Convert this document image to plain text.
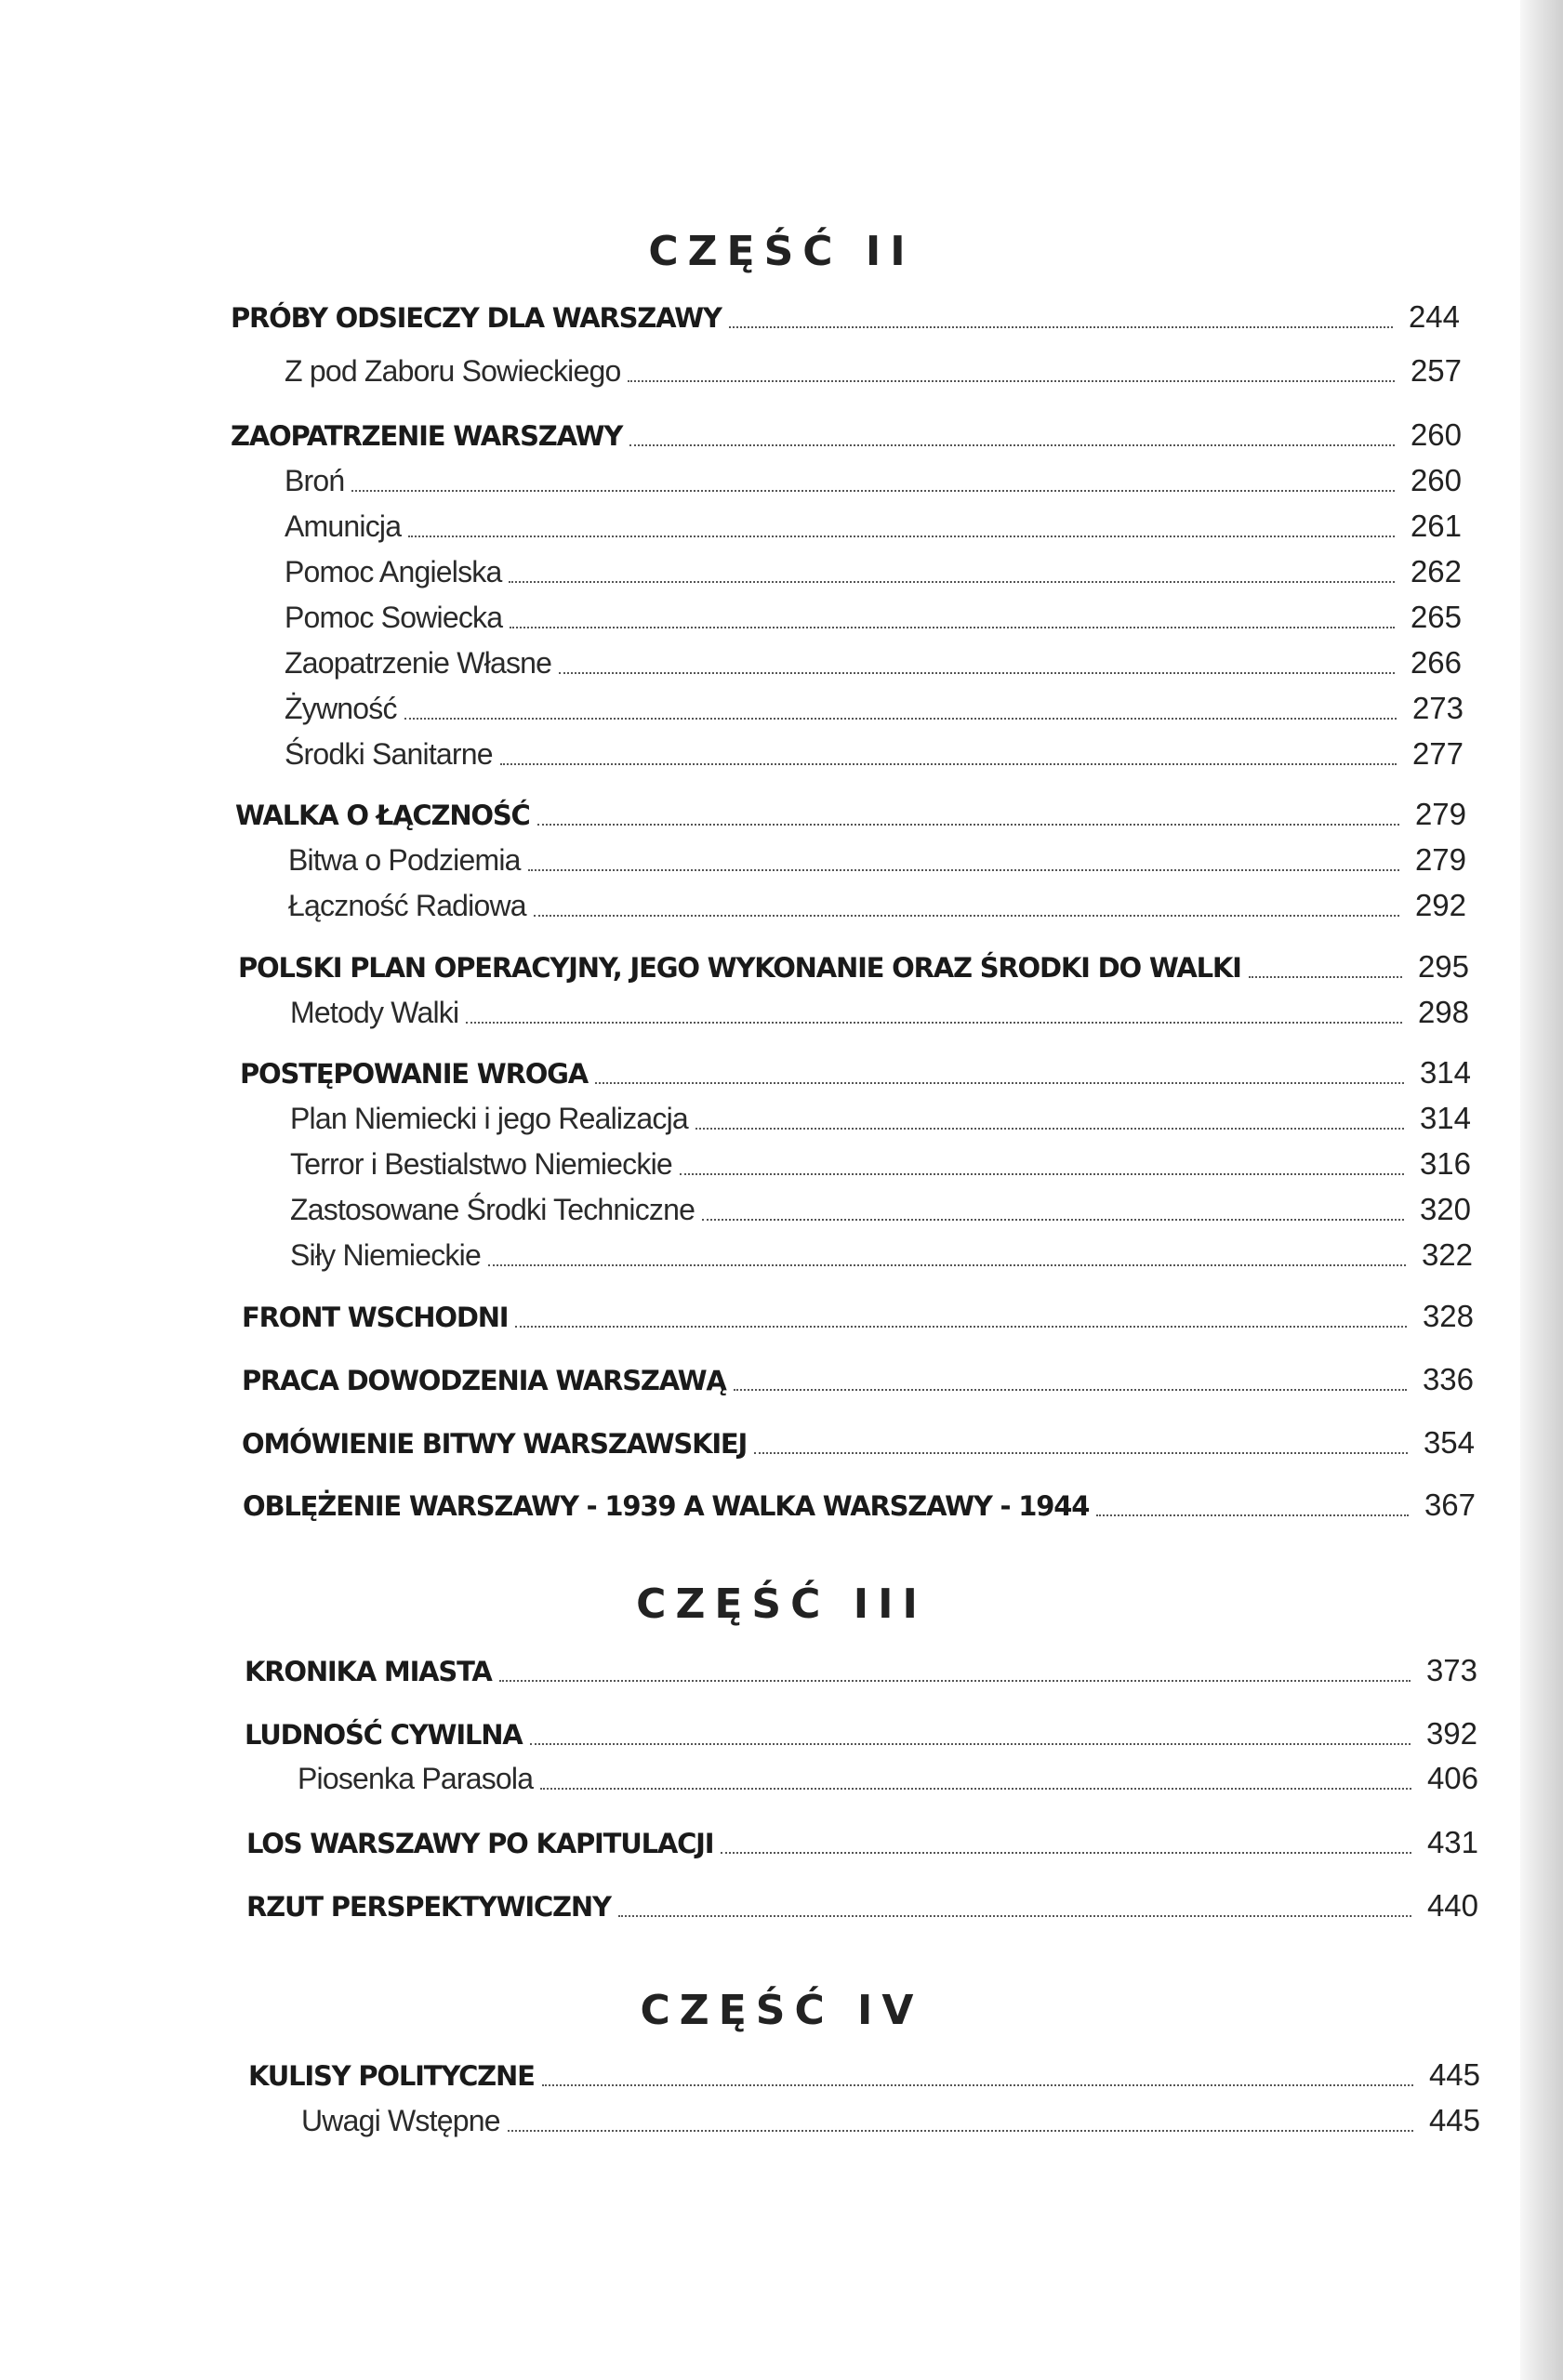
CZĘŚĆ II
CZĘŚĆ III
CZĘŚĆ IV
PRÓBY ODSIECZY DLA WARSZAWY	244
Z pod Zaboru Sowieckiego	257
ZAOPATRZENIE WARSZAWY	260
Broń	260
Amunicja	261
Pomoc Angielska	262
Pomoc Sowiecka	265
Zaopatrzenie Własne	266
Żywność	273
Środki Sanitarne	277
WALKA O ŁĄCZNOŚĆ	279
Bitwa o Podziemia	279
Łączność Radiowa	292
POLSKI PLAN OPERACYJNY, JEGO WYKONANIE ORAZ ŚRODKI DO WALKI	295
Metody Walki	298
POSTĘPOWANIE WROGA	314
Plan Niemiecki i jego Realizacja	314
Terror i Bestialstwo Niemieckie	316
Zastosowane Środki Techniczne	320
Siły Niemieckie	322
FRONT WSCHODNI	328
PRACA DOWODZENIA WARSZAWĄ	336
OMÓWIENIE BITWY WARSZAWSKIEJ	354
OBLĘŻENIE WARSZAWY - 1939 A WALKA WARSZAWY - 1944	367
KRONIKA MIASTA	373
LUDNOŚĆ CYWILNA	392
Piosenka Parasola	406
LOS WARSZAWY PO KAPITULACJI	431
RZUT PERSPEKTYWICZNY	440
KULISY POLITYCZNE	445
Uwagi Wstępne	445
